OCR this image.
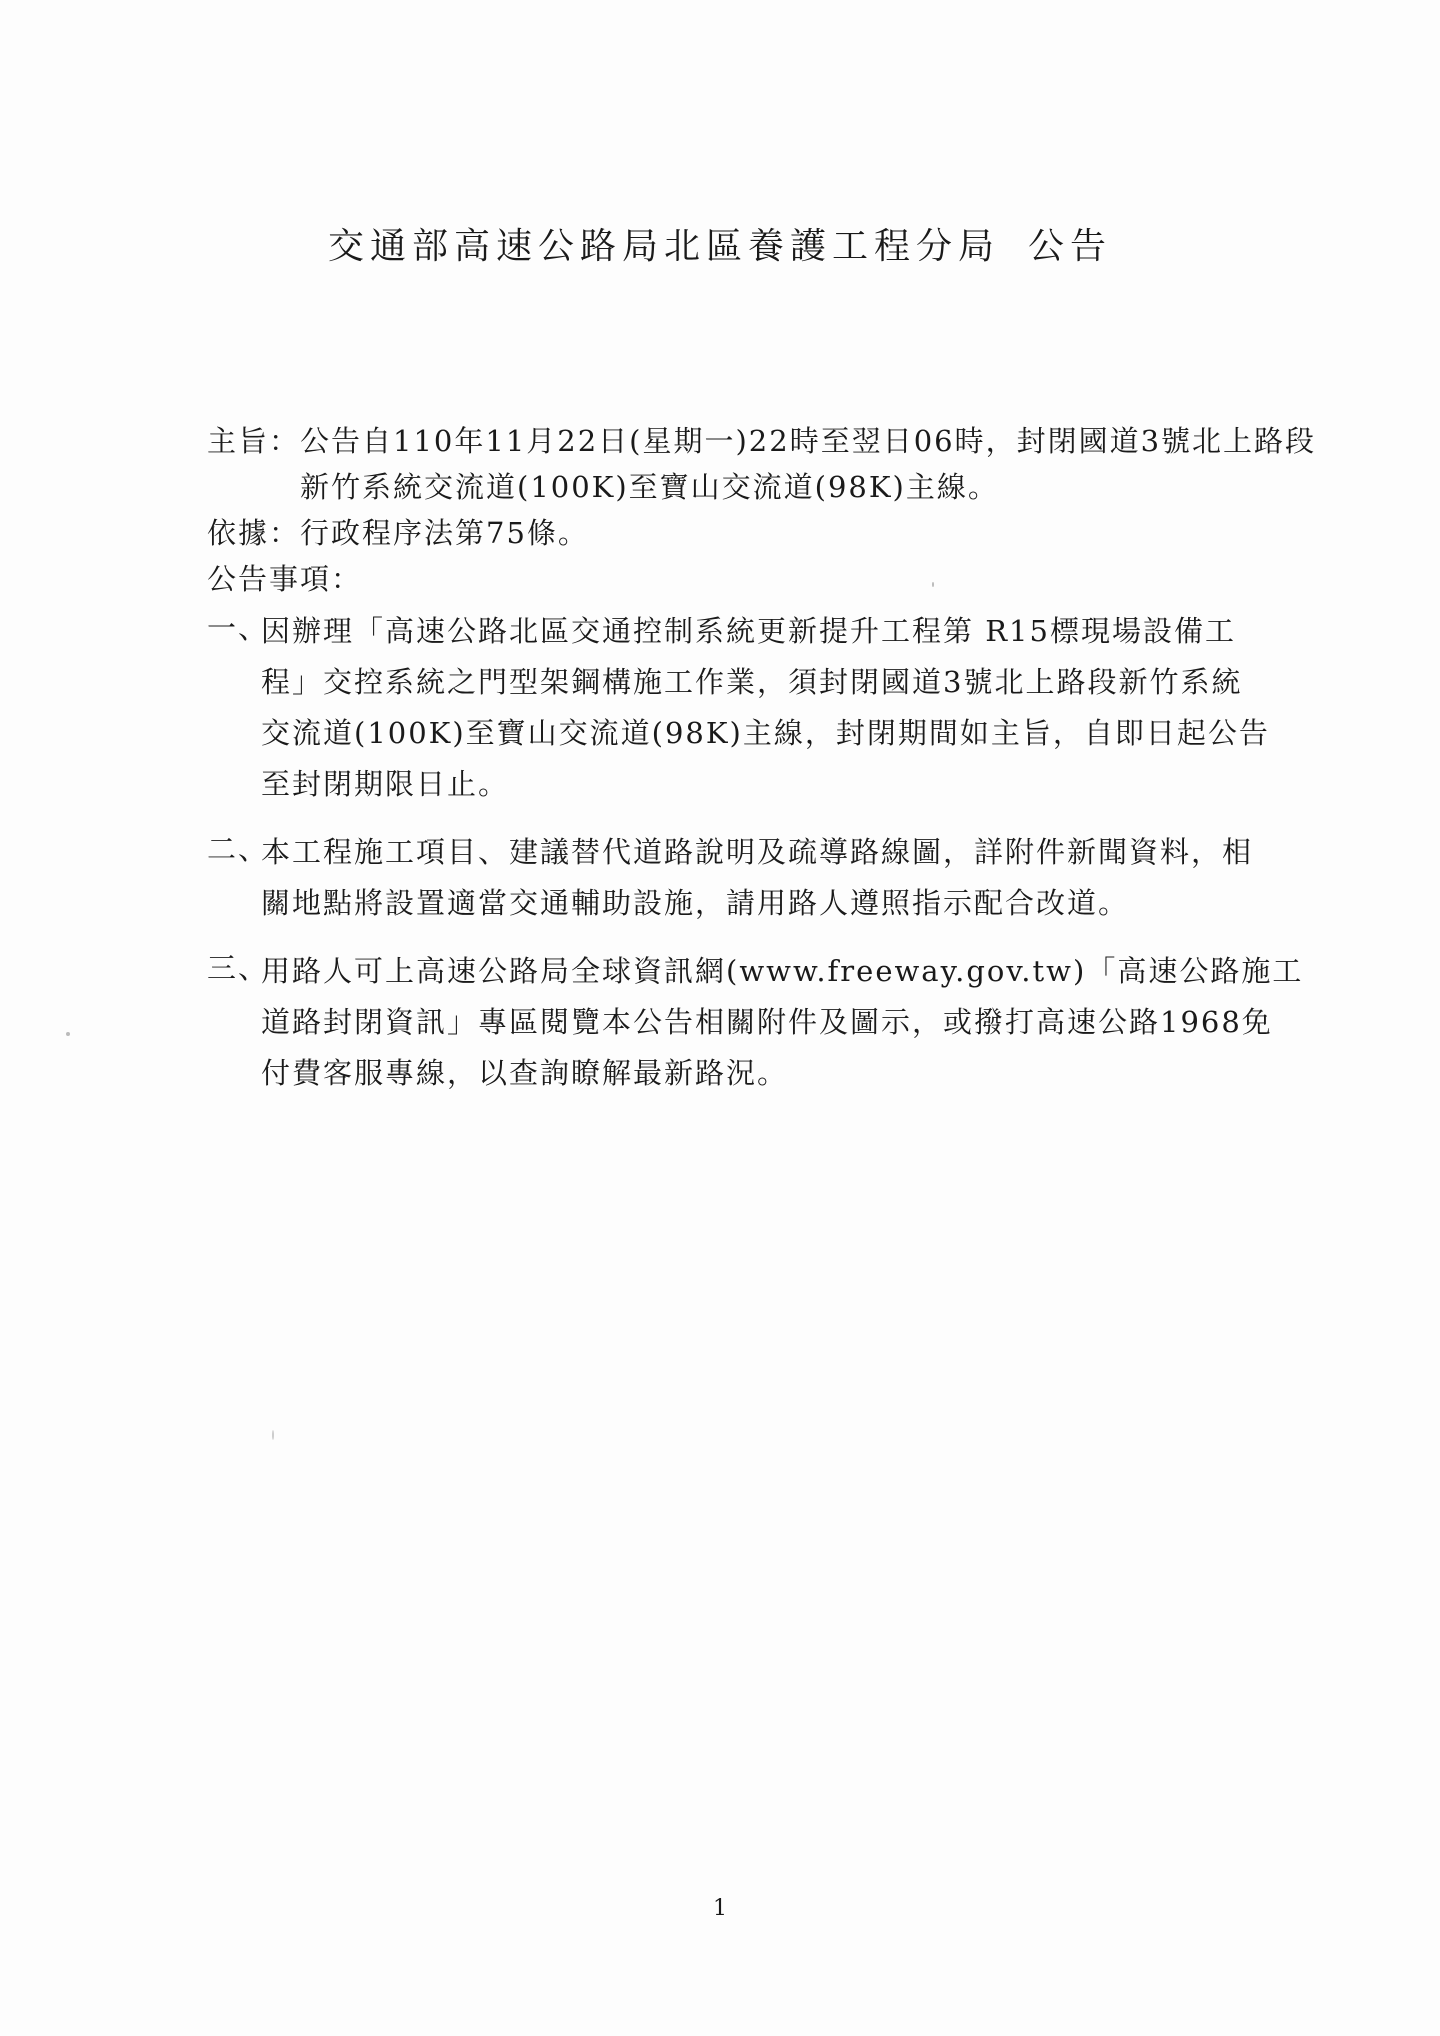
交通部高速公路局北區養護工程分局 公告
主旨： 公告自110年11月22日(星期一)22時至翌日06時，封閉國道3號北上路段
新竹系統交流道(100K)至寶山交流道(98K)主線。
依據： 行政程序法第75條。
公告事項：
一、
因辦理「高速公路北區交通控制系統更新提升工程第 R15標現場設備工
程」交控系統之門型架鋼構施工作業，須封閉國道3號北上路段新竹系統
交流道(100K)至寶山交流道(98K)主線，封閉期間如主旨，自即日起公告
至封閉期限日止。
二、
本工程施工項目、建議替代道路說明及疏導路線圖，詳附件新聞資料，相
關地點將設置適當交通輔助設施，請用路人遵照指示配合改道。
三、
用路人可上高速公路局全球資訊網(www.freeway.gov.tw)「高速公路施工
道路封閉資訊」專區閱覽本公告相關附件及圖示，或撥打高速公路1968免
付費客服專線，以查詢瞭解最新路況。
1
